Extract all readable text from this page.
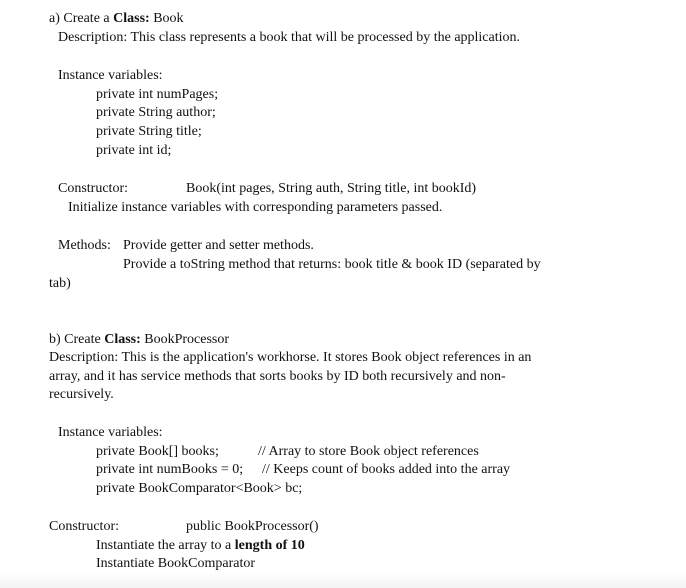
a) Create a Class: Book
Description: This class represents a book that will be processed by the application.
Instance variables:
private int numPages;
private String author;
private String title;
private int id;
Constructor:	Book(int pages, String auth, String title, int bookId)
Initialize instance variables with corresponding parameters passed.
Methods: Provide getter and setter methods.
Provide a toString method that returns: book title & book ID (separated by
tab)
b) Create Class: BookProcessor
Description: This is the application's workhorse. It stores Book object references in an
array, and it has service methods that sorts books by ID both recursively and non-
recursively.
Instance variables:
private Book[] books;	// Array to store Book object references
private int numBooks = 0; // Keeps count of books added into the array
private BookComparator<Book> bc;
Constructor:	public BookProcessor()
Instantiate the array to a length of 10
Instantiate BookComparator
